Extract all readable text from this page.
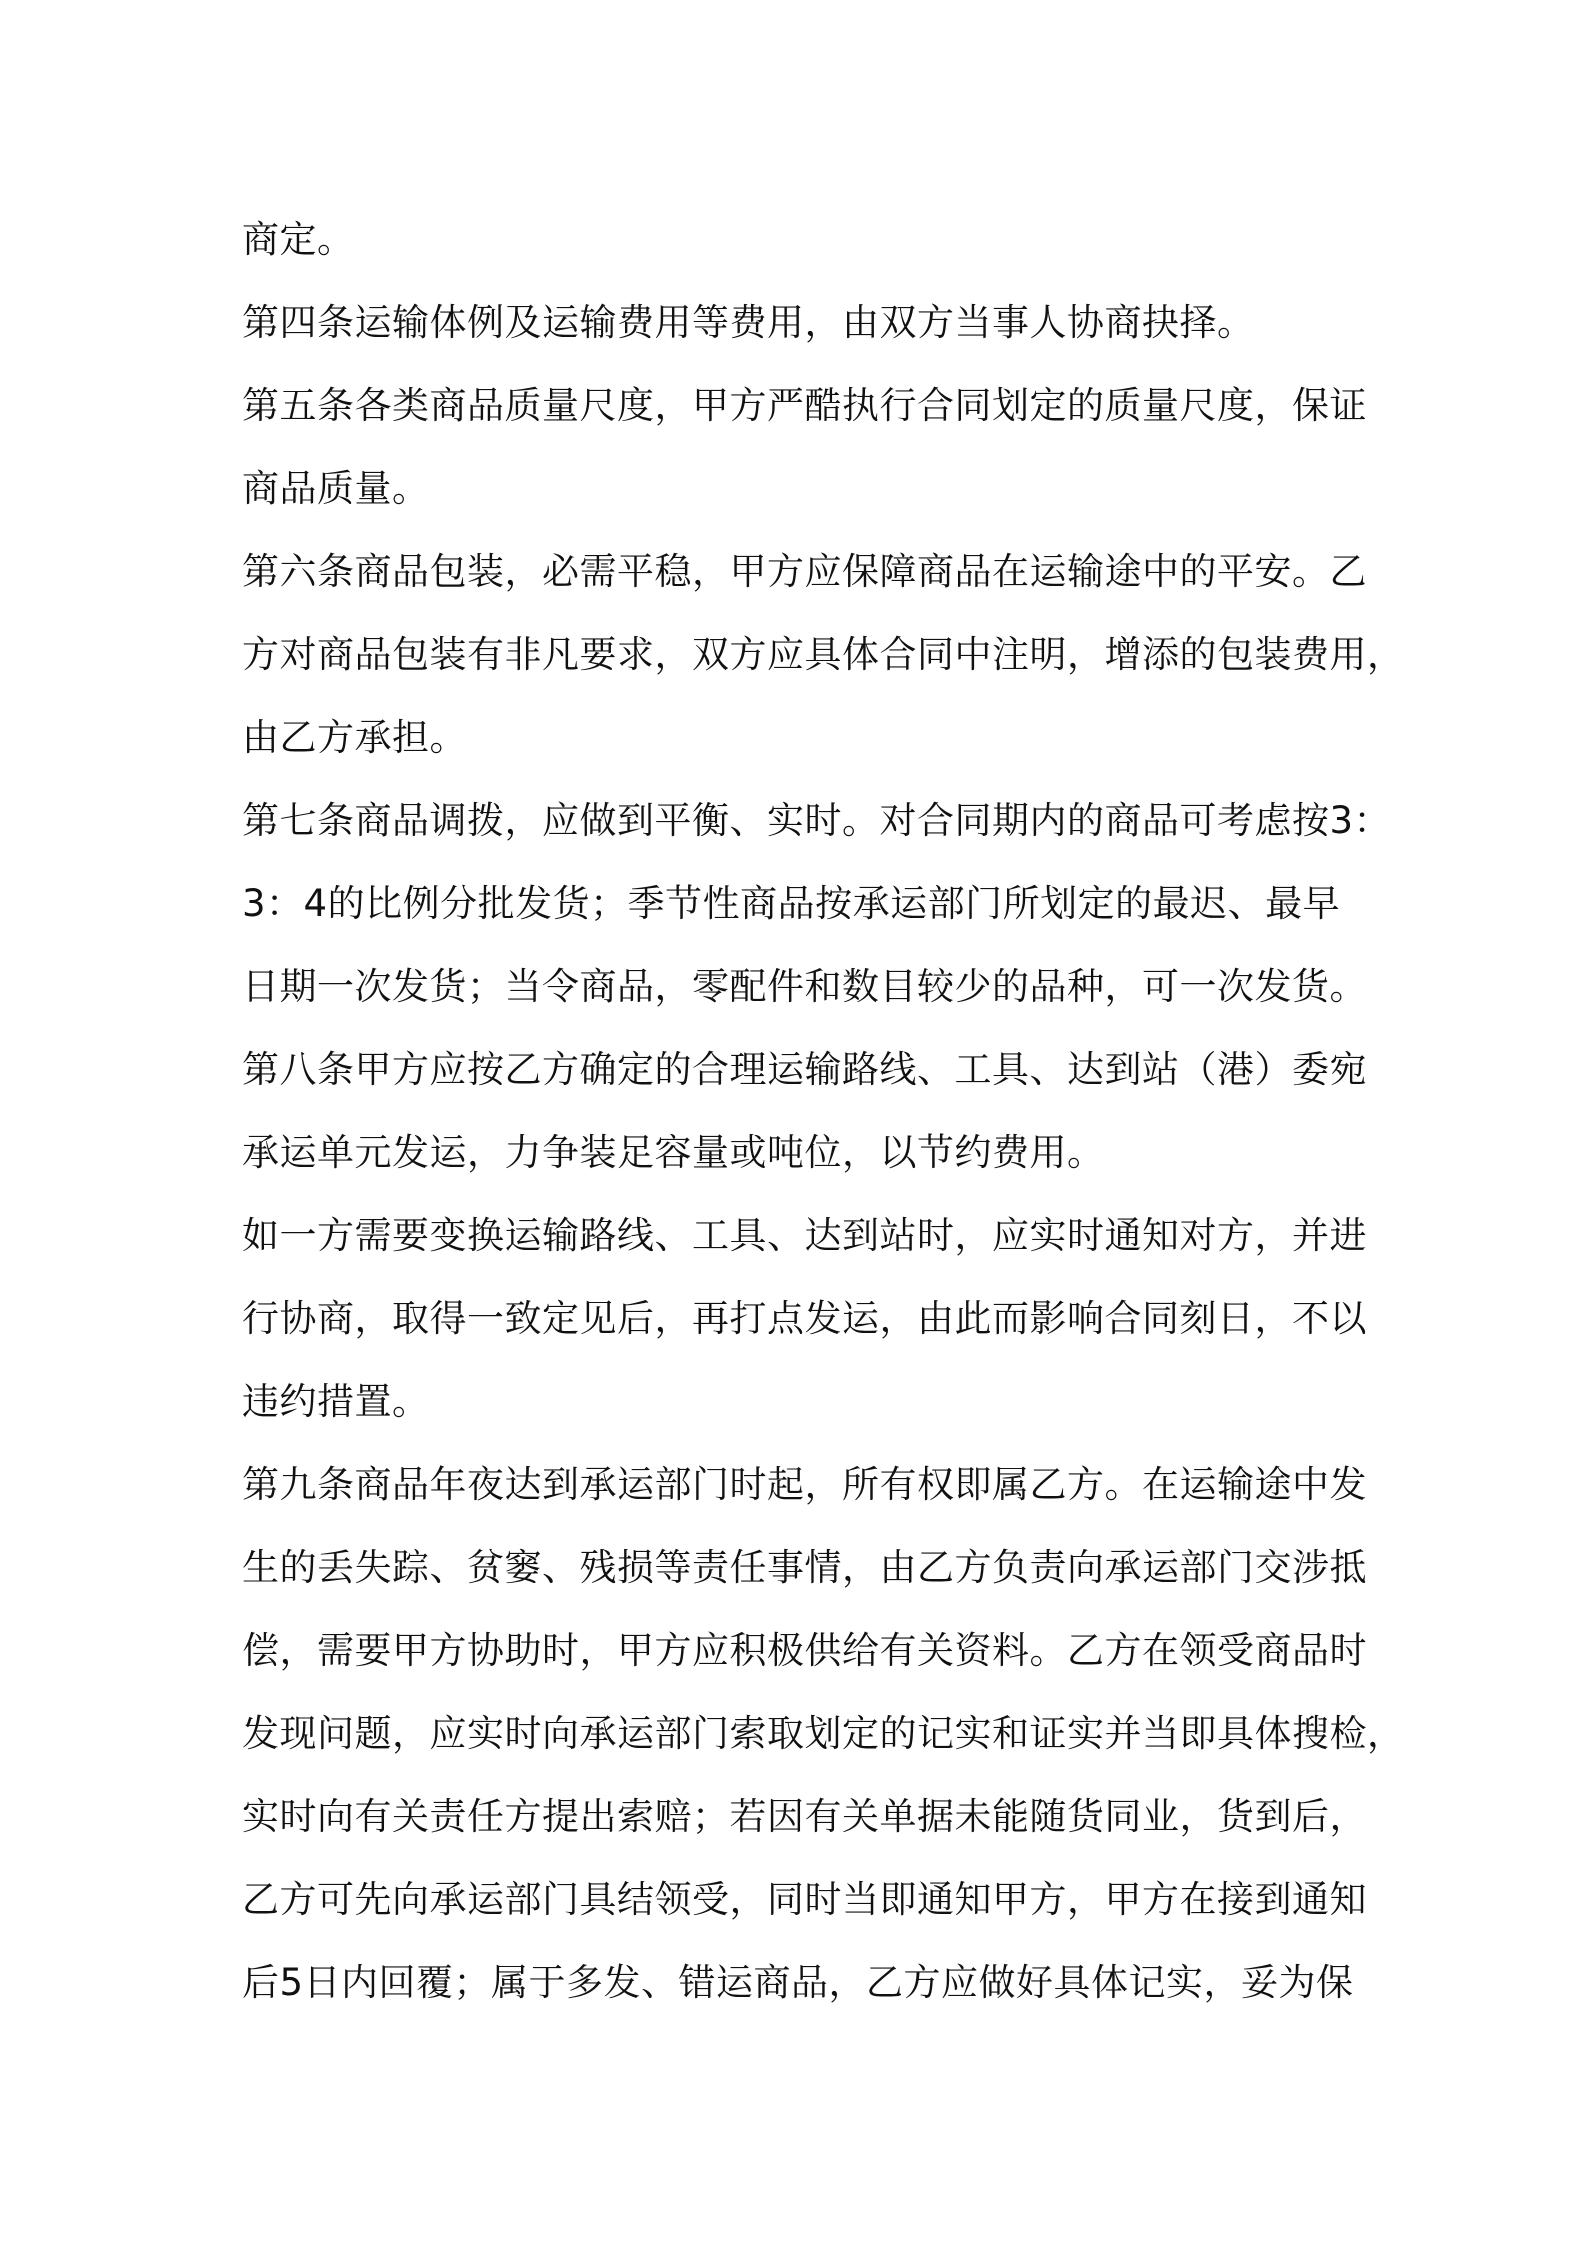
商定。
第四条运输体例及运输费用等费用，由双方当事人协商抉择。
第五条各类商品质量尺度，甲方严酷执行合同划定的质量尺度，保证
商品质量。
第六条商品包装，必需平稳，甲方应保障商品在运输途中的平安。乙
方对商品包装有非凡要求，双方应具体合同中注明，增添的包装费用，
由乙方承担。
第七条商品调拨，应做到平衡、实时。对合同期内的商品可考虑按3：
3：4的比例分批发货；季节性商品按承运部门所划定的最迟、最早
日期一次发货；当令商品，零配件和数目较少的品种，可一次发货。
第八条甲方应按乙方确定的合理运输路线、工具、达到站（港）委宛
承运单元发运，力争装足容量或吨位，以节约费用。
如一方需要变换运输路线、工具、达到站时，应实时通知对方，并进
行协商，取得一致定见后，再打点发运，由此而影响合同刻日，不以
违约措置。
第九条商品年夜达到承运部门时起，所有权即属乙方。在运输途中发
生的丢失踪、贫窭、残损等责任事情，由乙方负责向承运部门交涉抵
偿，需要甲方协助时，甲方应积极供给有关资料。乙方在领受商品时
发现问题，应实时向承运部门索取划定的记实和证实并当即具体搜检，
实时向有关责任方提出索赔；若因有关单据未能随货同业，货到后，
乙方可先向承运部门具结领受，同时当即通知甲方，甲方在接到通知
后5日内回覆；属于多发、错运商品，乙方应做好具体记实，妥为保
